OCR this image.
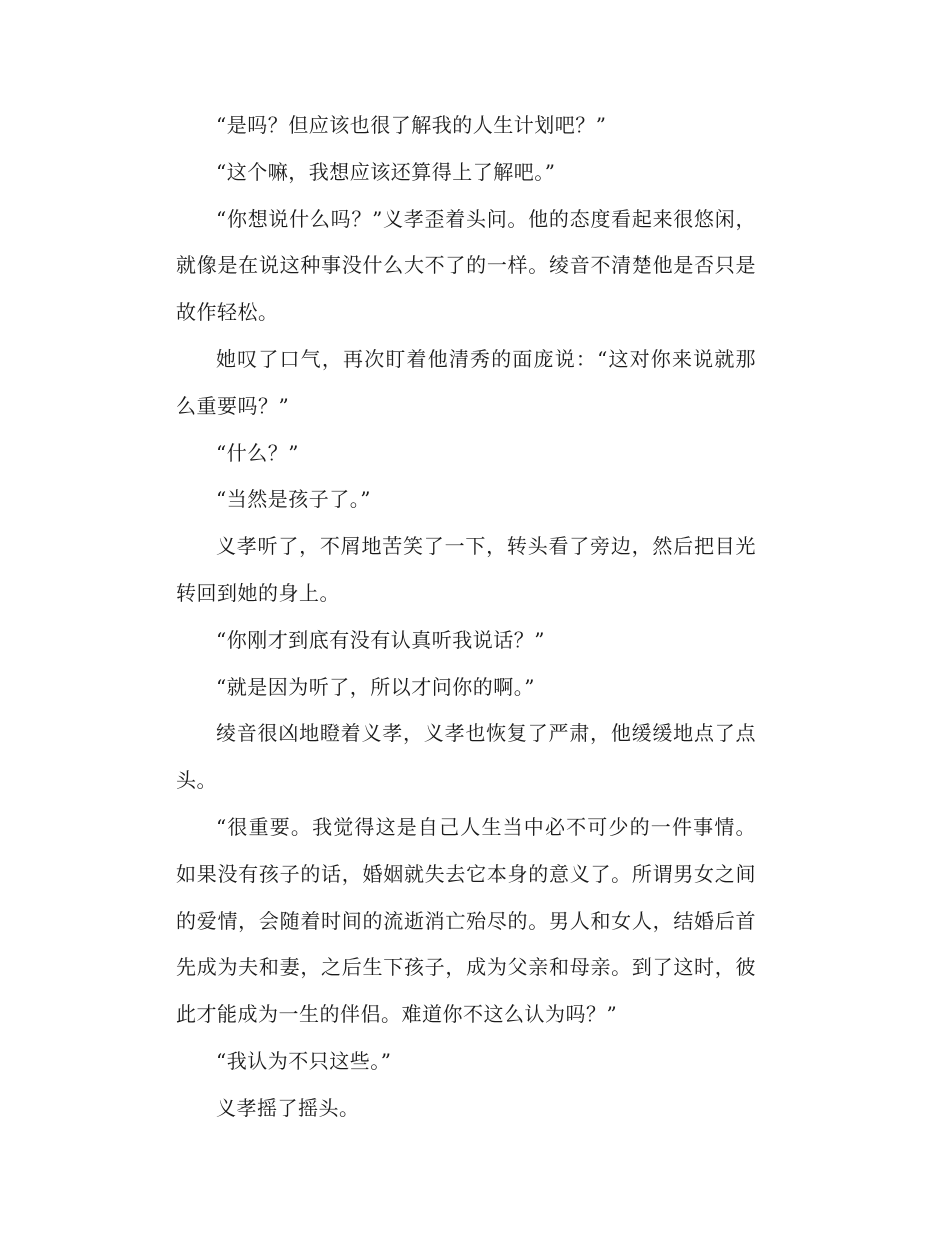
“是吗？但应该也很了解我的人生计划吧？”

“这个嘛，我想应该还算得上了解吧。”

“你想说什么吗？”义孝歪着头问。他的态度看起来很悠闲，就像是在说这种事没什么大不了的一样。绫音不清楚他是否只是故作轻松。

她叹了口气，再次盯着他清秀的面庞说：“这对你来说就那么重要吗？”

“什么？”

“当然是孩子了。”

义孝听了，不屑地苦笑了一下，转头看了旁边，然后把目光转回到她的身上。

“你刚才到底有没有认真听我说话？”

“就是因为听了，所以才问你的啊。”

绫音很凶地瞪着义孝，义孝也恢复了严肃，他缓缓地点了点头。

“很重要。我觉得这是自己人生当中必不可少的一件事情。如果没有孩子的话，婚姻就失去它本身的意义了。所谓男女之间的爱情，会随着时间的流逝消亡殆尽的。男人和女人，结婚后首先成为夫和妻，之后生下孩子，成为父亲和母亲。到了这时，彼此才能成为一生的伴侣。难道你不这么认为吗？”

“我认为不只这些。”

义孝摇了摇头。
